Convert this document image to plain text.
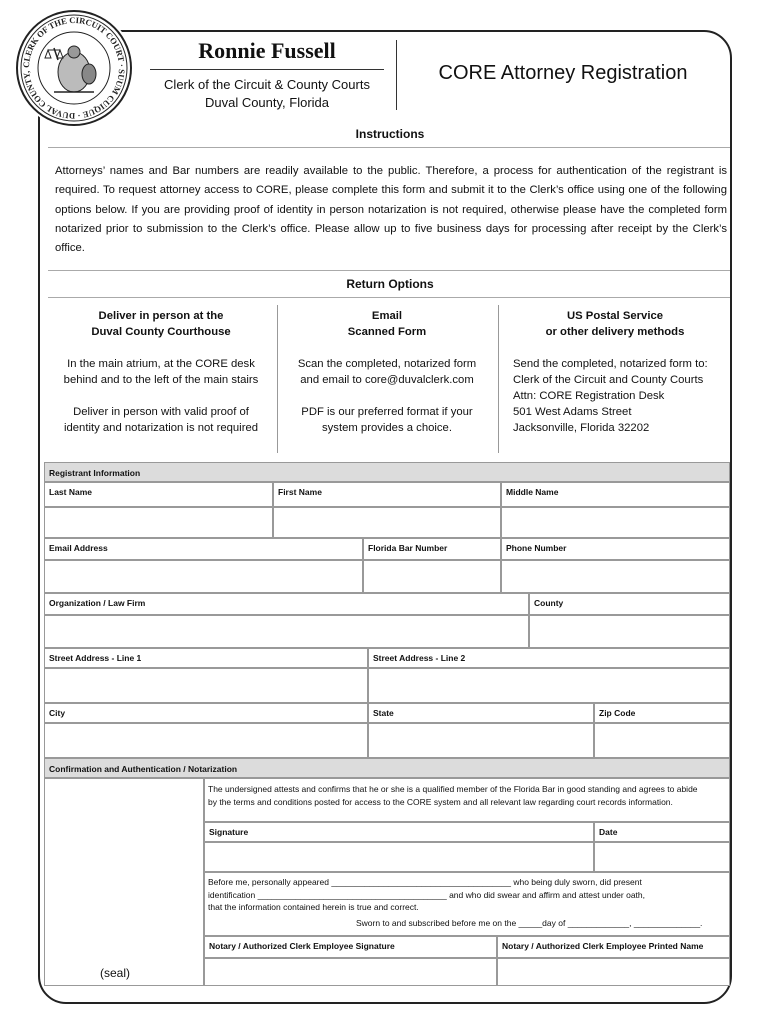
CLERK OF THE CIRCUIT COURT · SUUM CUIQUE · DUVAL COUNTY,
Ronnie Fussell
Clerk of the Circuit & County Courts
Duval County, Florida
CORE Attorney Registration
Instructions
Attorneys’ names and Bar numbers are readily available to the public. Therefore, a process for authentication of the registrant is required. To request attorney access to CORE, please complete this form and submit it to the Clerk’s office using one of the following options below. If you are providing proof of identity in person notarization is not required, otherwise please have the completed form notarized prior to submission to the Clerk’s office. Please allow up to five business days for processing after receipt by the Clerk’s office.
Return Options

Deliver in person at the

Duval County Courthouse

In the main atrium, at the CORE desk

behind and to the left of the main stairs

Deliver in person with valid proof of

identity and notarization is not required

Email

Scanned Form

Scan the completed, notarized form

and email to core@duvalclerk.com

PDF is our preferred format if your

system provides a choice.

US Postal Service

or other delivery methods

Send the completed, notarized form to:

Clerk of the Circuit and County Courts

Attn: CORE Registration Desk

501 West Adams Street

Jacksonville, Florida 32202

Registrant Information
Last Name	First Name	Middle Name
Email Address	Florida Bar Number	Phone Number
Organization / Law Firm	County
Street Address - Line 1	Street Address - Line 2
City	State	Zip Code
Confirmation and Authentication / Notarization
The undersigned attests and confirms that he or she is a qualified member of the Florida Bar in good standing and agrees to abide
by the terms and conditions posted for access to the CORE system and all relevant law regarding court records information.
Signature	Date
Before me, personally appeared ______________________________________ who being duly sworn, did present
identification ________________________________________ and who did swear and affirm and attest under oath,
that the information contained herein is true and correct.
Sworn to and subscribed before me on the _____day of _____________, ______________.
Notary / Authorized Clerk Employee Signature	Notary / Authorized Clerk Employee Printed Name
(seal)
